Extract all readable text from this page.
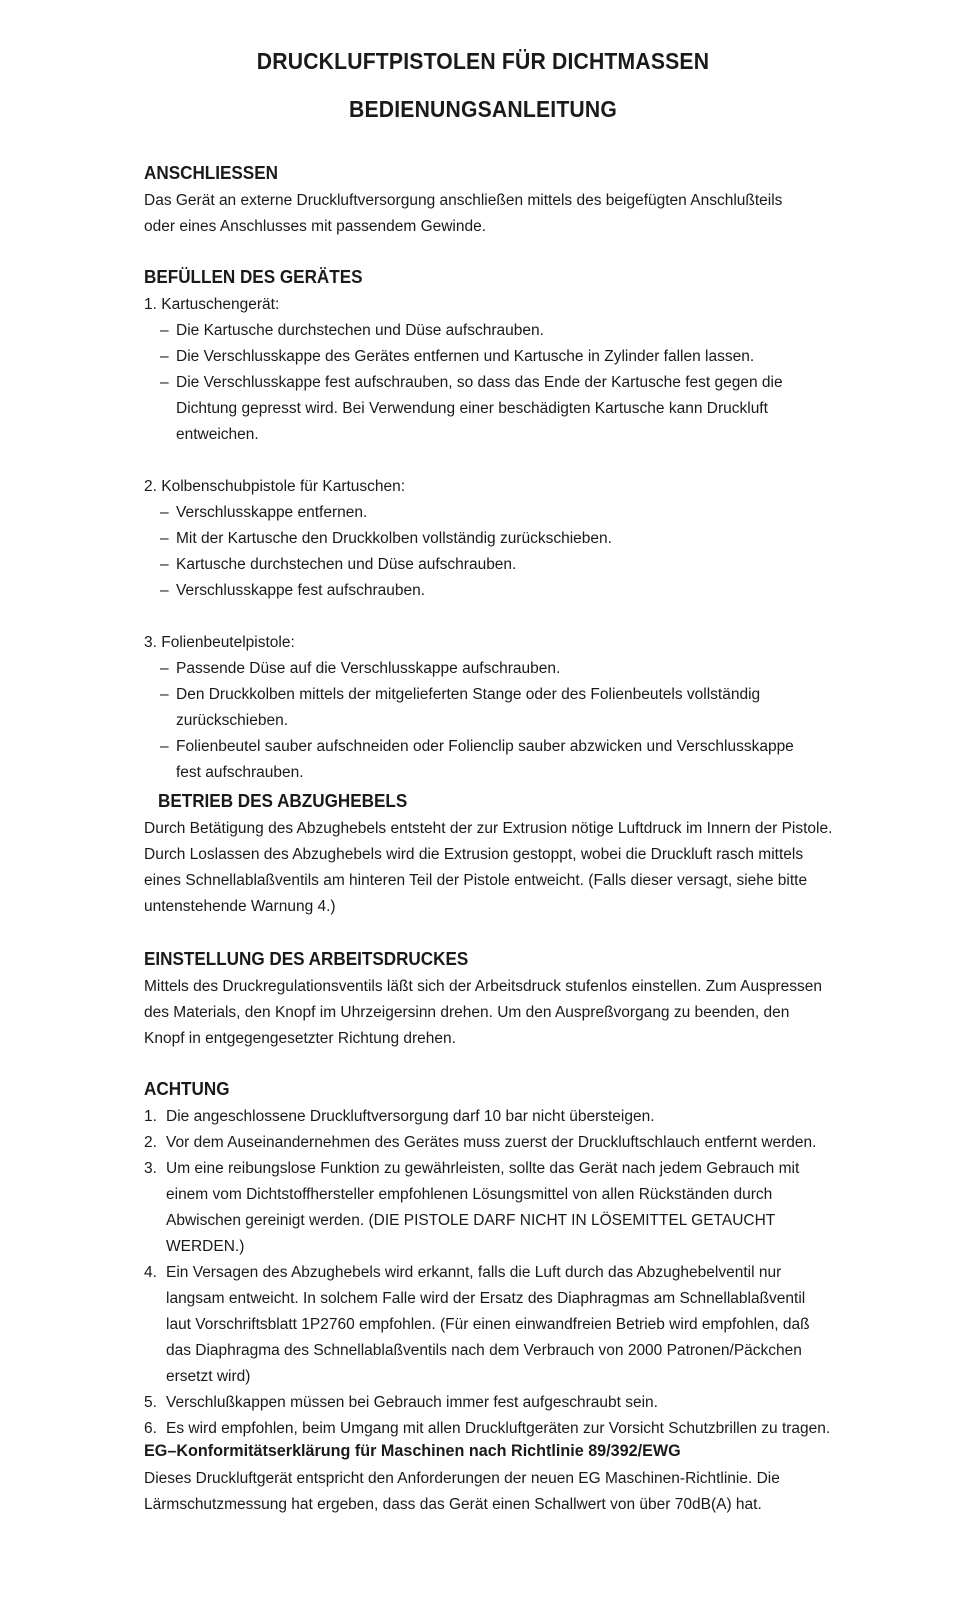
DRUCKLUFTPISTOLEN FÜR DICHTMASSEN
BEDIENUNGSANLEITUNG
ANSCHLIESSEN

Das Gerät an externe Druckluftversorgung anschließen mittels des beigefügten Anschlußteils oder eines Anschlusses mit passendem Gewinde.

BEFÜLLEN DES GERÄTES
1. Kartuschengerät:
– Die Kartusche durchstechen und Düse aufschrauben.
– Die Verschlusskappe des Gerätes entfernen und Kartusche in Zylinder fallen lassen.
– Die Verschlusskappe fest aufschrauben, so dass das Ende der Kartusche fest gegen die Dichtung gepresst wird. Bei Verwendung einer beschädigten Kartusche kann Druckluft entweichen.
2. Kolbenschubpistole für Kartuschen:
– Verschlusskappe entfernen.
– Mit der Kartusche den Druckkolben vollständig zurückschieben.
– Kartusche durchstechen und Düse aufschrauben.
– Verschlusskappe fest aufschrauben.
3. Folienbeutelpistole:
– Passende Düse auf die Verschlusskappe aufschrauben.
– Den Druckkolben mittels der mitgelieferten Stange oder des Folienbeutels vollständig zurückschieben.
– Folienbeutel sauber aufschneiden oder Folienclip sauber abzwicken und Verschlusskappe fest aufschrauben.
BETRIEB DES ABZUGHEBELS

Durch Betätigung des Abzughebels entsteht der zur Extrusion nötige Luftdruck im Innern der Pistole. Durch Loslassen des Abzughebels wird die Extrusion gestoppt, wobei die Druckluft rasch mittels eines Schnellablaßventils am hinteren Teil der Pistole entweicht. (Falls dieser versagt, siehe bitte untenstehende Warnung 4.)

EINSTELLUNG DES ARBEITSDRUCKES

Mittels des Druckregulationsventils läßt sich der Arbeitsdruck stufenlos einstellen. Zum Auspressen des Materials, den Knopf im Uhrzeigersinn drehen. Um den Auspreßvorgang zu beenden, den Knopf in entgegengesetzter Richtung drehen.

ACHTUNG
1. Die angeschlossene Druckluftversorgung darf 10 bar nicht übersteigen.
2. Vor dem Auseinandernehmen des Gerätes muss zuerst der Druckluftschlauch entfernt werden.
3. Um eine reibungslose Funktion zu gewährleisten, sollte das Gerät nach jedem Gebrauch mit einem vom Dichtstoffhersteller empfohlenen Lösungsmittel von allen Rückständen durch Abwischen gereinigt werden. (DIE PISTOLE DARF NICHT IN LÖSEMITTEL GETAUCHT WERDEN.)
4. Ein Versagen des Abzughebels wird erkannt, falls die Luft durch das Abzughebelventil nur langsam entweicht. In solchem Falle wird der Ersatz des Diaphragmas am Schnellablaßventil laut Vorschriftsblatt 1P2760 empfohlen. (Für einen einwandfreien Betrieb wird empfohlen, daß das Diaphragma des Schnellablaßventils nach dem Verbrauch von 2000 Patronen/Päckchen ersetzt wird)
5. Verschlußkappen müssen bei Gebrauch immer fest aufgeschraubt sein.
6. Es wird empfohlen, beim Umgang mit allen Druckluftgeräten zur Vorsicht Schutzbrillen zu tragen.
EG–Konformitätserklärung für Maschinen nach Richtlinie 89/392/EWG

Dieses Druckluftgerät entspricht den Anforderungen der neuen EG Maschinen-Richtlinie. Die Lärmschutzmessung hat ergeben, dass das Gerät einen Schallwert von über 70dB(A) hat.
